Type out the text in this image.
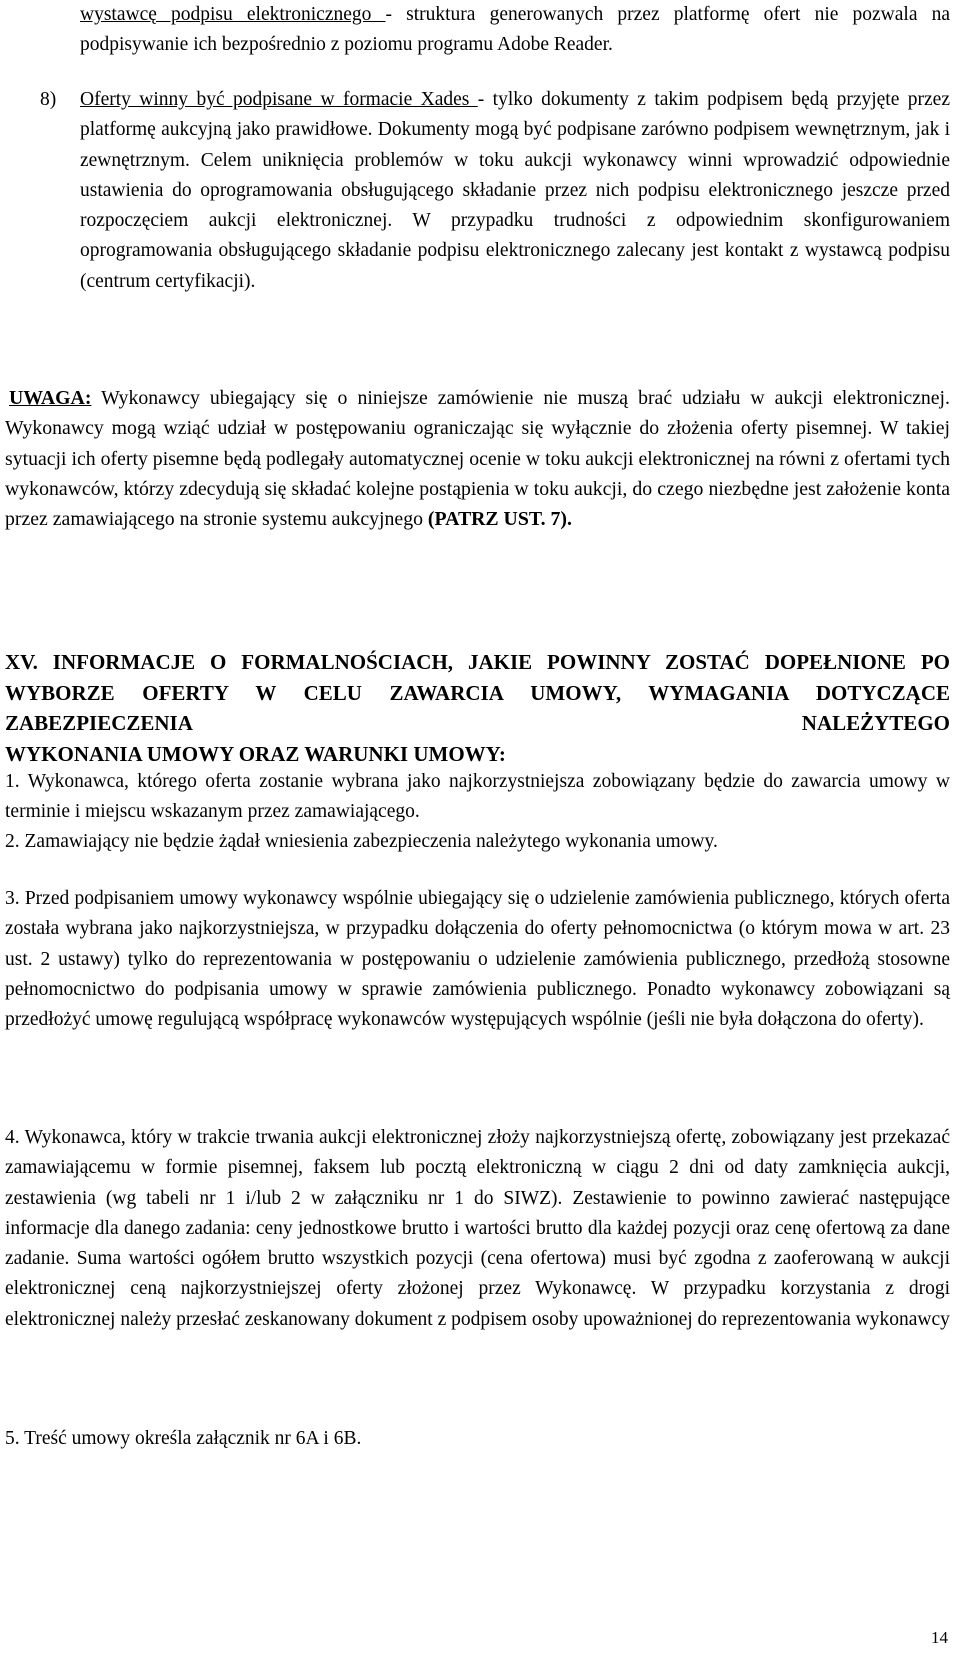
wystawcę podpisu elektronicznego - struktura generowanych przez platformę ofert nie pozwala na podpisywanie ich bezpośrednio z poziomu programu Adobe Reader.

8) Oferty winny być podpisane w formacie Xades - tylko dokumenty z takim podpisem będą przyjęte przez platformę aukcyjną jako prawidłowe. Dokumenty mogą być podpisane zarówno podpisem wewnętrznym, jak i zewnętrznym. Celem uniknięcia problemów w toku aukcji wykonawcy winni wprowadzić odpowiednie ustawienia do oprogramowania obsługującego składanie przez nich podpisu elektronicznego jeszcze przed rozpoczęciem aukcji elektronicznej. W przypadku trudności z odpowiednim skonfigurowaniem oprogramowania obsługującego składanie podpisu elektronicznego zalecany jest kontakt z wystawcą podpisu (centrum certyfikacji).

UWAGA: Wykonawcy ubiegający się o niniejsze zamówienie nie muszą brać udziału w aukcji elektronicznej. Wykonawcy mogą wziąć udział w postępowaniu ograniczając się wyłącznie do złożenia oferty pisemnej. W takiej sytuacji ich oferty pisemne będą podlegały automatycznej ocenie w toku aukcji elektronicznej na równi z ofertami tych wykonawców, którzy zdecydują się składać kolejne postąpienia w toku aukcji, do czego niezbędne jest założenie konta przez zamawiającego na stronie systemu aukcyjnego (PATRZ UST. 7).

XV. INFORMACJE O FORMALNOŚCIACH, JAKIE POWINNY ZOSTAĆ DOPEŁNIONE PO WYBORZE OFERTY W CELU ZAWARCIA UMOWY, WYMAGANIA DOTYCZĄCE ZABEZPIECZENIA NALEŻYTEGO
WYKONANIA UMOWY ORAZ WARUNKI UMOWY:

1. Wykonawca, którego oferta zostanie wybrana jako najkorzystniejsza zobowiązany będzie do zawarcia umowy w terminie i miejscu wskazanym przez zamawiającego.

2. Zamawiający nie będzie żądał wniesienia zabezpieczenia należytego wykonania umowy.

3. Przed podpisaniem umowy wykonawcy wspólnie ubiegający się o udzielenie zamówienia publicznego, których oferta została wybrana jako najkorzystniejsza, w przypadku dołączenia do oferty pełnomocnictwa (o którym mowa w art. 23 ust. 2 ustawy) tylko do reprezentowania w postępowaniu o udzielenie zamówienia publicznego, przedłożą stosowne pełnomocnictwo do podpisania umowy w sprawie zamówienia publicznego. Ponadto wykonawcy zobowiązani są przedłożyć umowę regulującą współpracę wykonawców występujących wspólnie (jeśli nie była dołączona do oferty).

4. Wykonawca, który w trakcie trwania aukcji elektronicznej złoży najkorzystniejszą ofertę, zobowiązany jest przekazać zamawiającemu w formie pisemnej, faksem lub pocztą elektroniczną w ciągu 2 dni od daty zamknięcia aukcji, zestawienia (wg tabeli nr 1 i/lub 2 w załączniku nr 1 do SIWZ). Zestawienie to powinno zawierać następujące informacje dla danego zadania: ceny jednostkowe brutto i wartości brutto dla każdej pozycji oraz cenę ofertową za dane zadanie. Suma wartości ogółem brutto wszystkich pozycji (cena ofertowa) musi być zgodna z zaoferowaną w aukcji elektronicznej ceną najkorzystniejszej oferty złożonej przez Wykonawcę. W przypadku korzystania z drogi elektronicznej należy przesłać zeskanowany dokument z podpisem osoby upoważnionej do reprezentowania wykonawcy

5. Treść umowy określa załącznik nr 6A i 6B.

14
